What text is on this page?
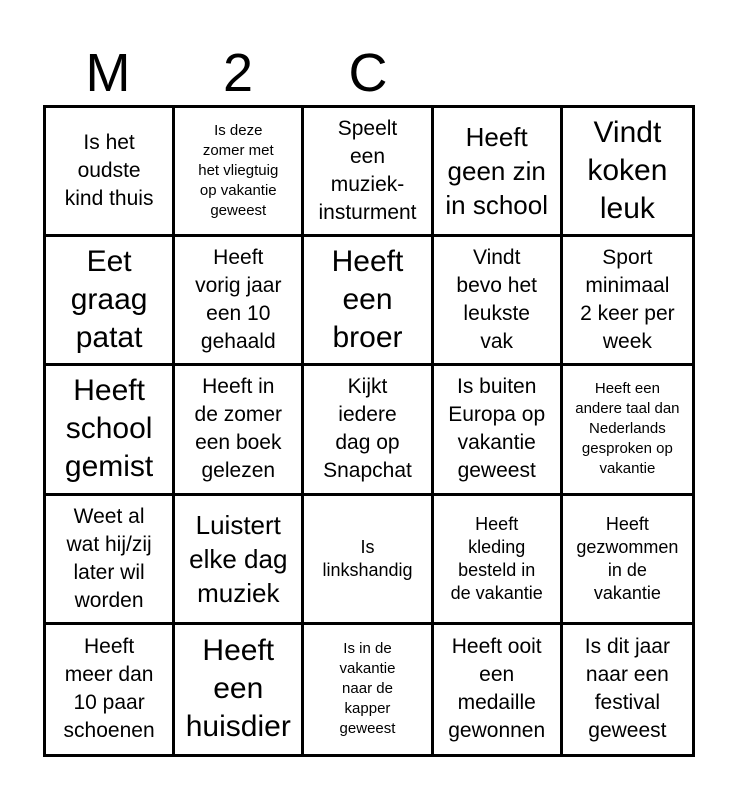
M	2	C
Is het
oudste
kind thuis
Is deze
zomer met
het vliegtuig
op vakantie
geweest
Speelt
een
muziek-
insturment
Heeft
geen zin
in school
Vindt
koken
leuk
Eet
graag
patat
Heeft
vorig jaar
een 10
gehaald
Heeft
een
broer
Vindt
bevo het
leukste
vak
Sport
minimaal
2 keer per
week
Heeft
school
gemist
Heeft in
de zomer
een boek
gelezen
Kijkt
iedere
dag op
Snapchat
Is buiten
Europa op
vakantie
geweest
Heeft een
andere taal dan
Nederlands
gesproken op
vakantie
Weet al
wat hij/zij
later wil
worden
Luistert
elke dag
muziek
Is
linkshandig
Heeft
kleding
besteld in
de vakantie
Heeft
gezwommen
in de
vakantie
Heeft
meer dan
10 paar
schoenen
Heeft
een
huisdier
Is in de
vakantie
naar de
kapper
geweest
Heeft ooit
een
medaille
gewonnen
Is dit jaar
naar een
festival
geweest
